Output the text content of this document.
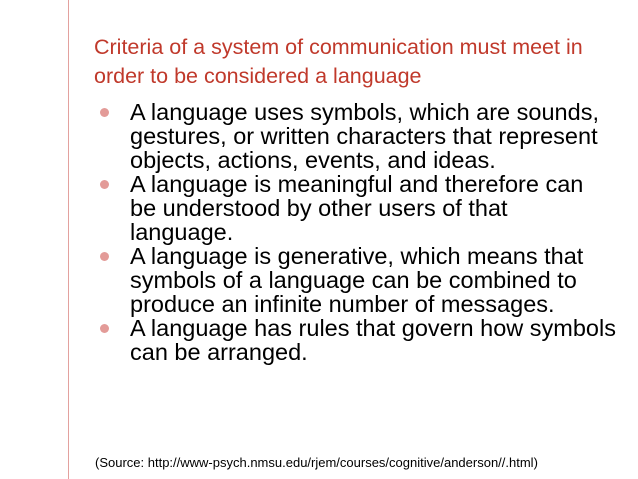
Criteria of a system of communication must meet in order to be considered a language
A language uses symbols, which are sounds, gestures, or written characters that represent objects, actions, events, and ideas.
A language is meaningful and therefore can be understood by other users of that language.
A language is generative, which means that symbols of a language can be combined to produce an infinite number of messages.
A language has rules that govern how symbols can be arranged.

(Source: http://www-psych.nmsu.edu/rjem/courses/cognitive/anderson//.html)
